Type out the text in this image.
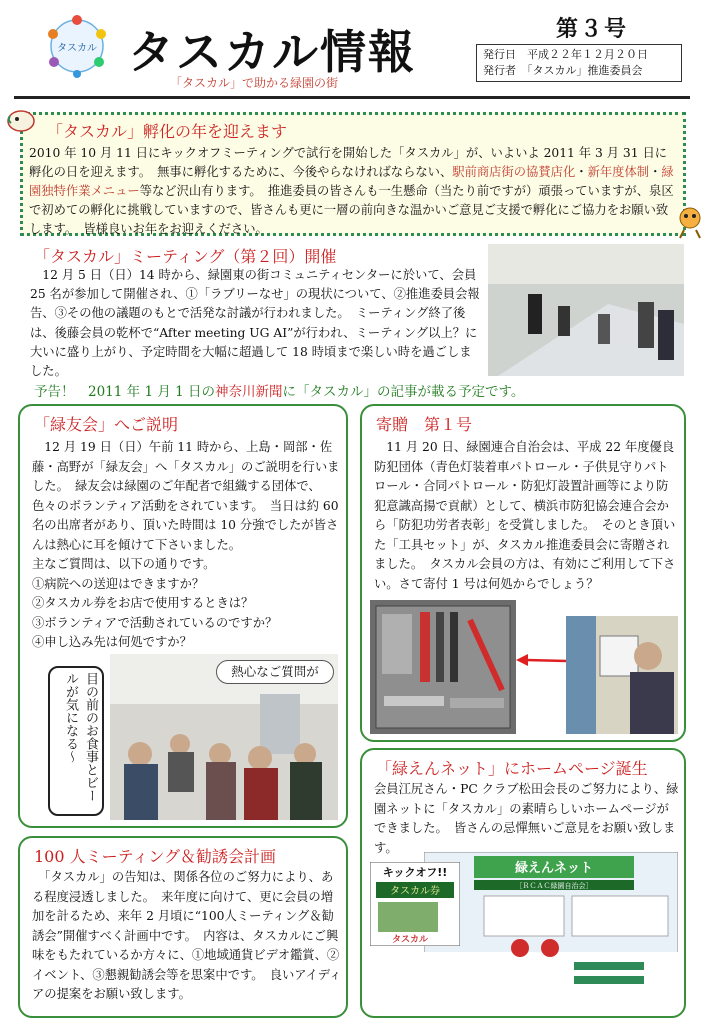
タスカル タスカル情報
「タスカル」で助かる緑園の街
第３号
発行日　 平成２２年１２月２０日
発行者　 「タスカル」推進委員会
「タスカル」孵化の年を迎えます

2010 年 10 月 11 日にキックオフミーティングで試行を開始した「タスカル」が、いよいよ 2011 年 3 月 31 日に孵化の日を迎えます。　無事に孵化するために、今後やらなければならない、駅前商店街の協賛店化・新年度体制・緑園独特作業メニュー等など沢山有ります。　推進委員の皆さんも一生懸命（当たり前ですが）頑張っていますが、泉区で初めての孵化に挑戦していますので、皆さんも更に一層の前向きな温かいご意見ご支援で孵化にご協力をお願い致します。　皆様良いお年をお迎えください。

「タスカル」ミーティング（第２回）開催
　12 月 5 日（日）14 時から、緑園東の街コミュニティセンターに於いて、会員 25 名が参加して開催され、①「ラブリーなせ」の現状について、②推進委員会報告、③その他の議題のもとで活発な討議が行われました。　ミーティング終了後は、後藤会員の乾杯で“After meeting UG AI”が行われ、ミーティング以上？に大いに盛り上がり、予定時間を大幅に超過して 18 時頃まで楽しい時を過ごしました。
予告！　2011 年 1 月 1 日の神奈川新聞に「タスカル」の記事が載る予定です。
「緑友会」へご説明
　12 月 19 日（日）午前 11 時から、上島・岡部・佐藤・高野が「緑友会」へ「タスカル」のご説明を行いました。　緑友会は緑園のご年配者で組織する団体で、色々のボランティア活動をされています。　当日は約 60 名の出席者があり、頂いた時間は 10 分強でしたが皆さんは熱心に耳を傾けて下さいました。
主なご質問は、以下の通りです。
①病院への送迎はできますか？
②タスカル券をお店で使用するときは？
③ボランティアで活動されているのですか？
④申し込み先は何処ですか？
目の前のお食事とビールが気になる〜
熱心なご質問が
寄贈　第１号
　11 月 20 日、緑園連合自治会は、平成 22 年度優良防犯団体（青色灯装着車パトロール・子供見守りパトロール・合同パトロール・防犯灯設置計画等により防犯意識高揚で貢献）として、横浜市防犯協会連合会から「防犯功労者表彰」を受賞しました。　そのとき頂いた「工具セット」が、タスカル推進委員会に寄贈されました。　タスカル会員の方は、有効にご利用して下さい。さて寄付 1 号は何処からでしょう？
100 人ミーティング＆勧誘会計画
　「タスカル」の告知は、関係各位のご努力により、ある程度浸透しました。　来年度に向けて、更に会員の増加を計るため、来年 2 月頃に“100人ミーティング＆勧誘会”開催すべく計画中です。　内容は、タスカルにご興味をもたれているか方々に、①地域通貨ビデオ鑑賞、②イベント、③懇親勧誘会等を思案中です。　良いアイディアの提案をお願い致します。
「緑えんネット」にホームページ誕生
会員江尻さん・PC クラブ松田会長のご努力により、緑園ネットに「タスカル」の素晴らしいホームページができました。　皆さんの忌憚無いご意見をお願い致します。
緑えんネット
［ＲＣＡＣ緑園自治会］
キックオフ!!
タスカル券
タスカル
